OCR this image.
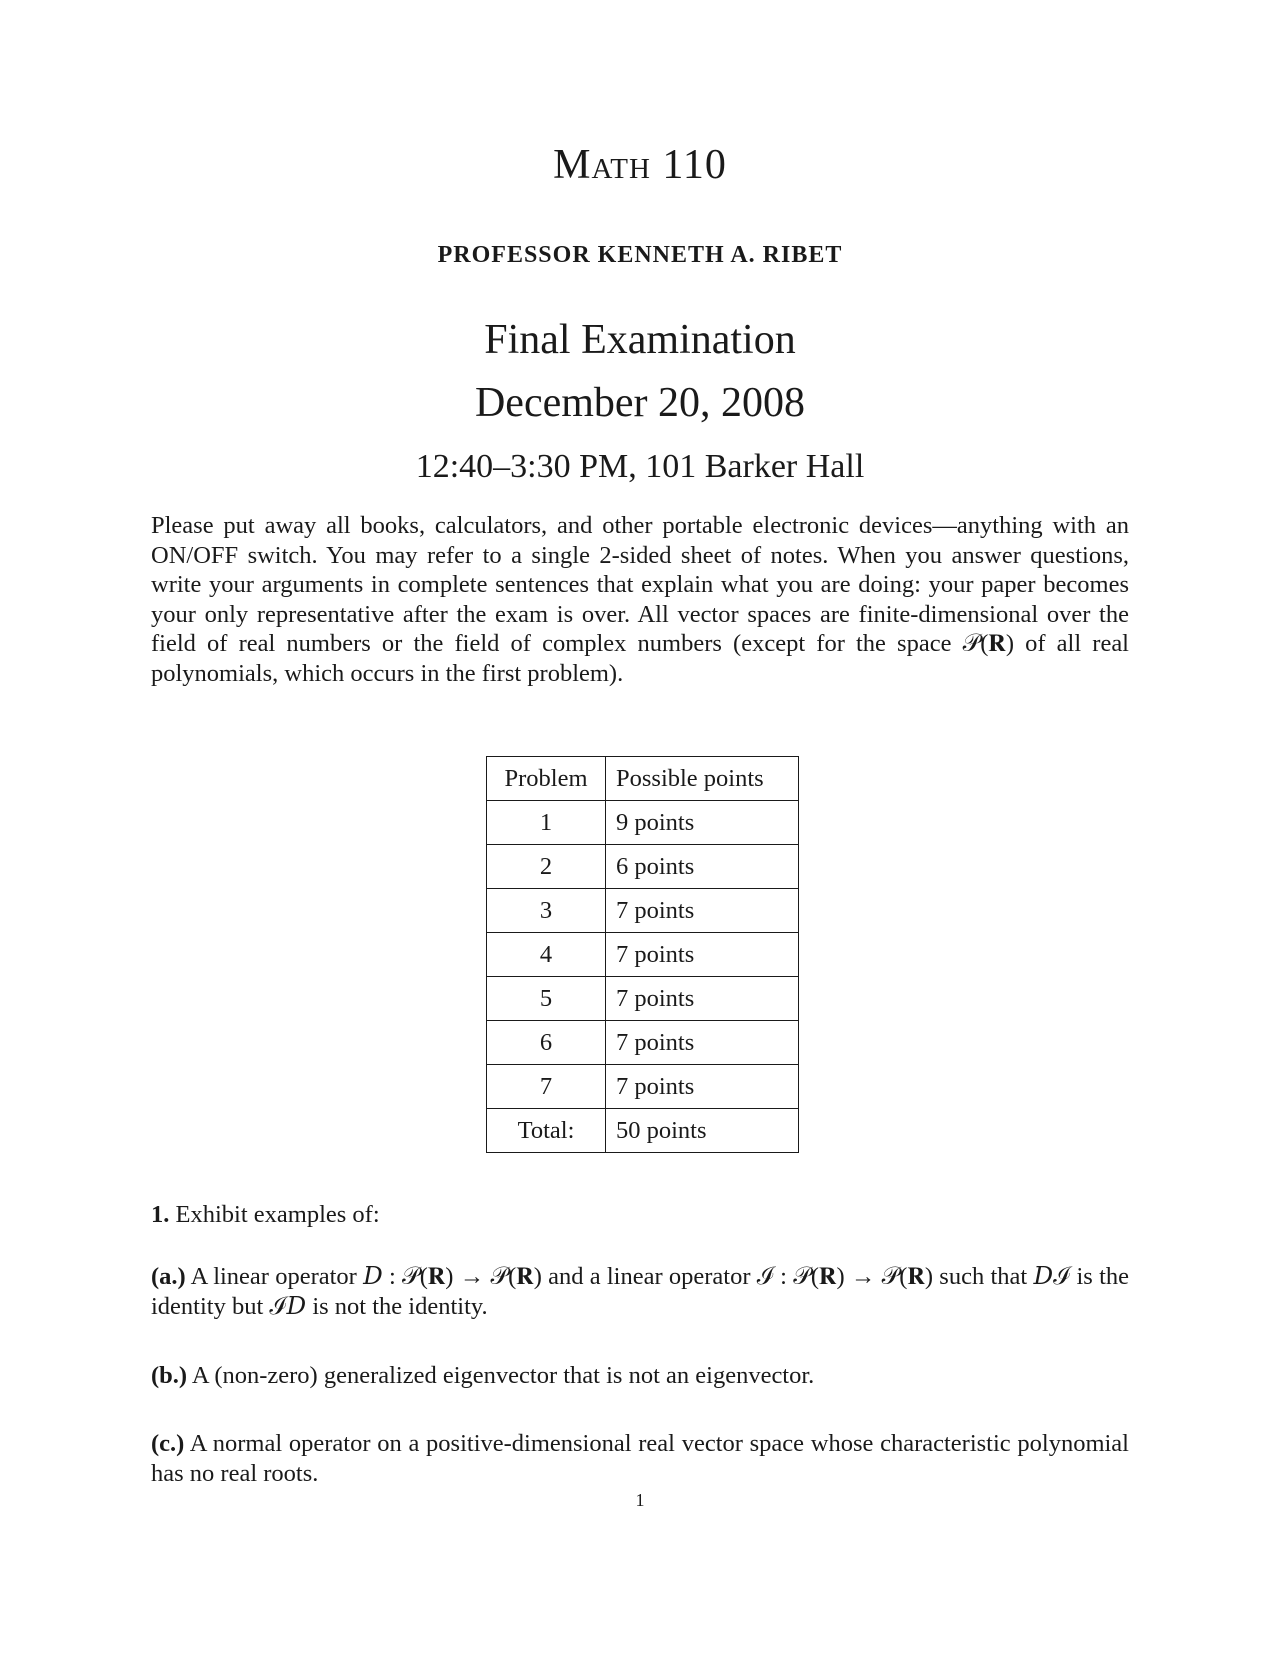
Math 110
PROFESSOR KENNETH A. RIBET
Final Examination
December 20, 2008
12:40–3:30 PM, 101 Barker Hall
Please put away all books, calculators, and other portable electronic devices—anything with an ON/OFF switch. You may refer to a single 2-sided sheet of notes. When you answer questions, write your arguments in complete sentences that explain what you are doing: your paper becomes your only representative after the exam is over. All vector spaces are finite-dimensional over the field of real numbers or the field of complex numbers (except for the space 𝒫(𝐑) of all real polynomials, which occurs in the first problem).
Problem	Possible points
1	9 points
2	6 points
3	7 points
4	7 points
5	7 points
6	7 points
7	7 points
Total:	50 points
1. Exhibit examples of:
(a.) A linear operator 𝐷 : 𝒫(𝐑) → 𝒫(𝐑) and a linear operator ℐ : 𝒫(𝐑) → 𝒫(𝐑) such that 𝐷ℐ is the identity but ℐ𝐷 is not the identity.
(b.) A (non-zero) generalized eigenvector that is not an eigenvector.
(c.) A normal operator on a positive-dimensional real vector space whose characteristic polynomial has no real roots.
1
